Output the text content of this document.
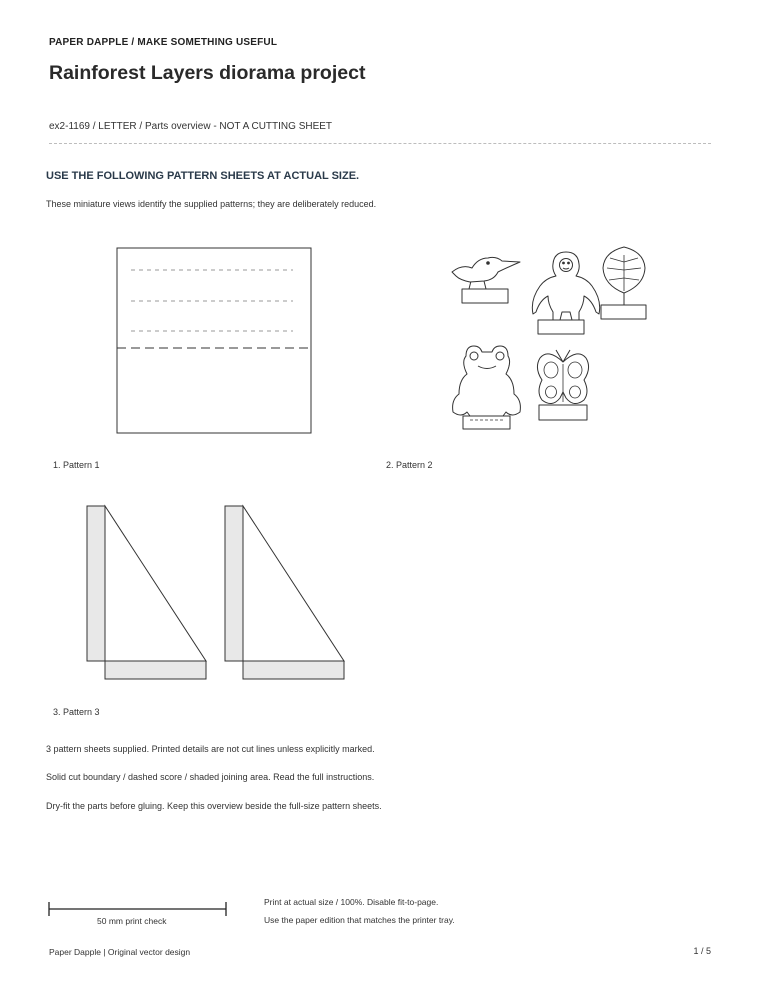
PAPER DAPPLE / MAKE SOMETHING USEFUL
Rainforest Layers diorama project
ex2-1169 / LETTER / Parts overview - NOT A CUTTING SHEET
USE THE FOLLOWING PATTERN SHEETS AT ACTUAL SIZE.
These miniature views identify the supplied patterns; they are deliberately reduced.
1. Pattern 1	2. Pattern 2
3. Pattern 3
3 pattern sheets supplied. Printed details are not cut lines unless explicitly marked.
Solid cut boundary / dashed score / shaded joining area. Read the full instructions.
Dry-fit the parts before gluing. Keep this overview beside the full-size pattern sheets.
50 mm print check
Print at actual size / 100%. Disable fit-to-page.
Use the paper edition that matches the printer tray.
Paper Dapple | Original vector design	1 / 5
